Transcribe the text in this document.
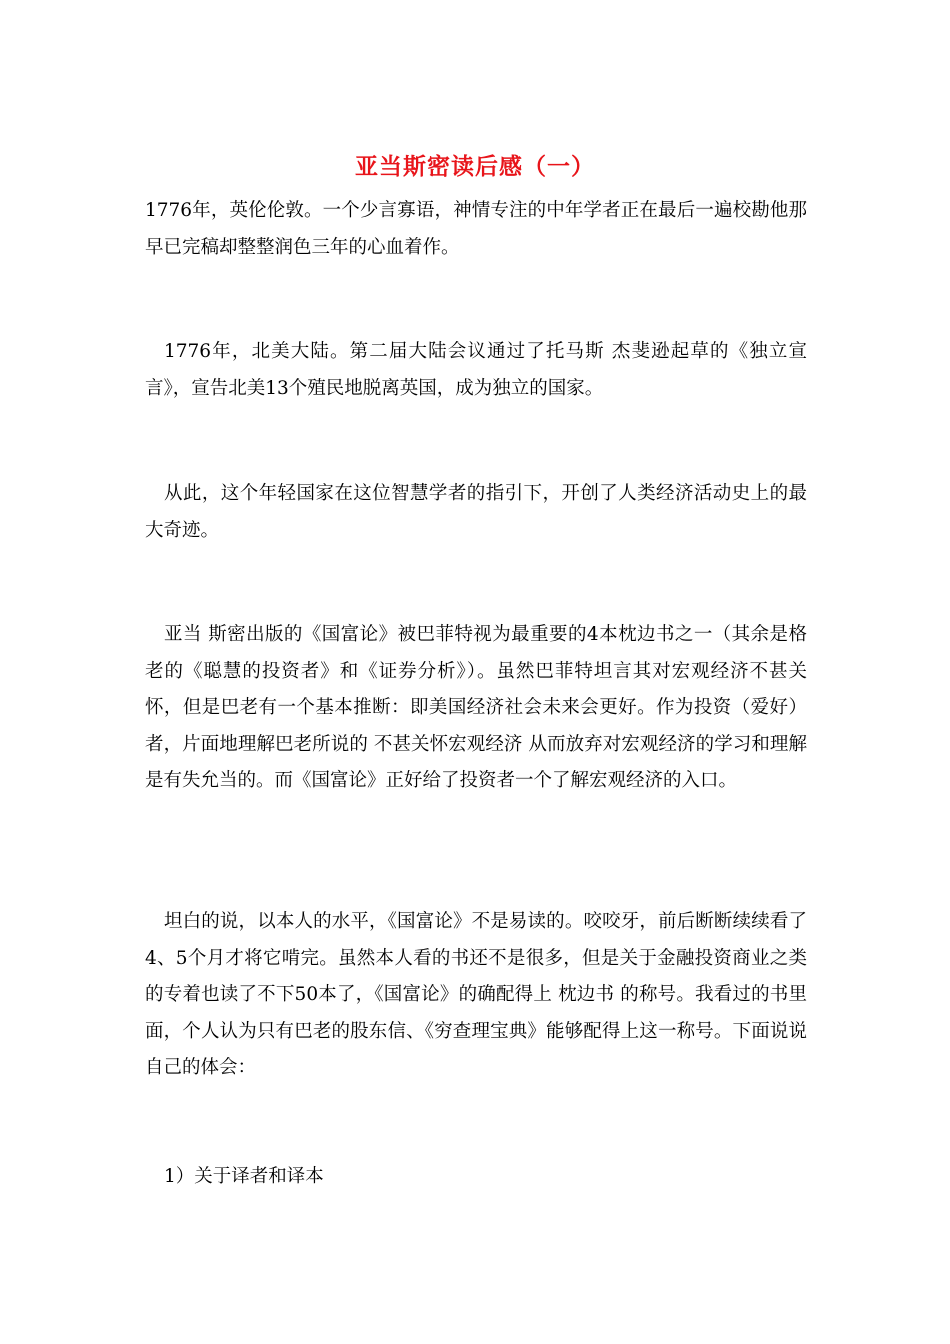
亚当斯密读后感（一）

1776年，英伦伦敦。一个少言寡语，神情专注的中年学者正在最后一遍校勘他那早已完稿却整整润色三年的心血着作。

1776年，北美大陆。第二届大陆会议通过了托马斯 杰斐逊起草的《独立宣言》，宣告北美13个殖民地脱离英国，成为独立的国家。

从此，这个年轻国家在这位智慧学者的指引下，开创了人类经济活动史上的最大奇迹。

亚当 斯密出版的《国富论》被巴菲特视为最重要的4本枕边书之一（其余是格老的《聪慧的投资者》和《证券分析》）。虽然巴菲特坦言其对宏观经济不甚关怀，但是巴老有一个基本推断：即美国经济社会未来会更好。作为投资（爱好）者，片面地理解巴老所说的 不甚关怀宏观经济 从而放弃对宏观经济的学习和理解是有失允当的。而《国富论》正好给了投资者一个了解宏观经济的入口。

坦白的说，以本人的水平，《国富论》不是易读的。咬咬牙，前后断断续续看了4、5个月才将它啃完。虽然本人看的书还不是很多，但是关于金融投资商业之类的专着也读了不下50本了，《国富论》的确配得上 枕边书 的称号。我看过的书里面，个人认为只有巴老的股东信、《穷查理宝典》能够配得上这一称号。下面说说自己的体会：

1）关于译者和译本
